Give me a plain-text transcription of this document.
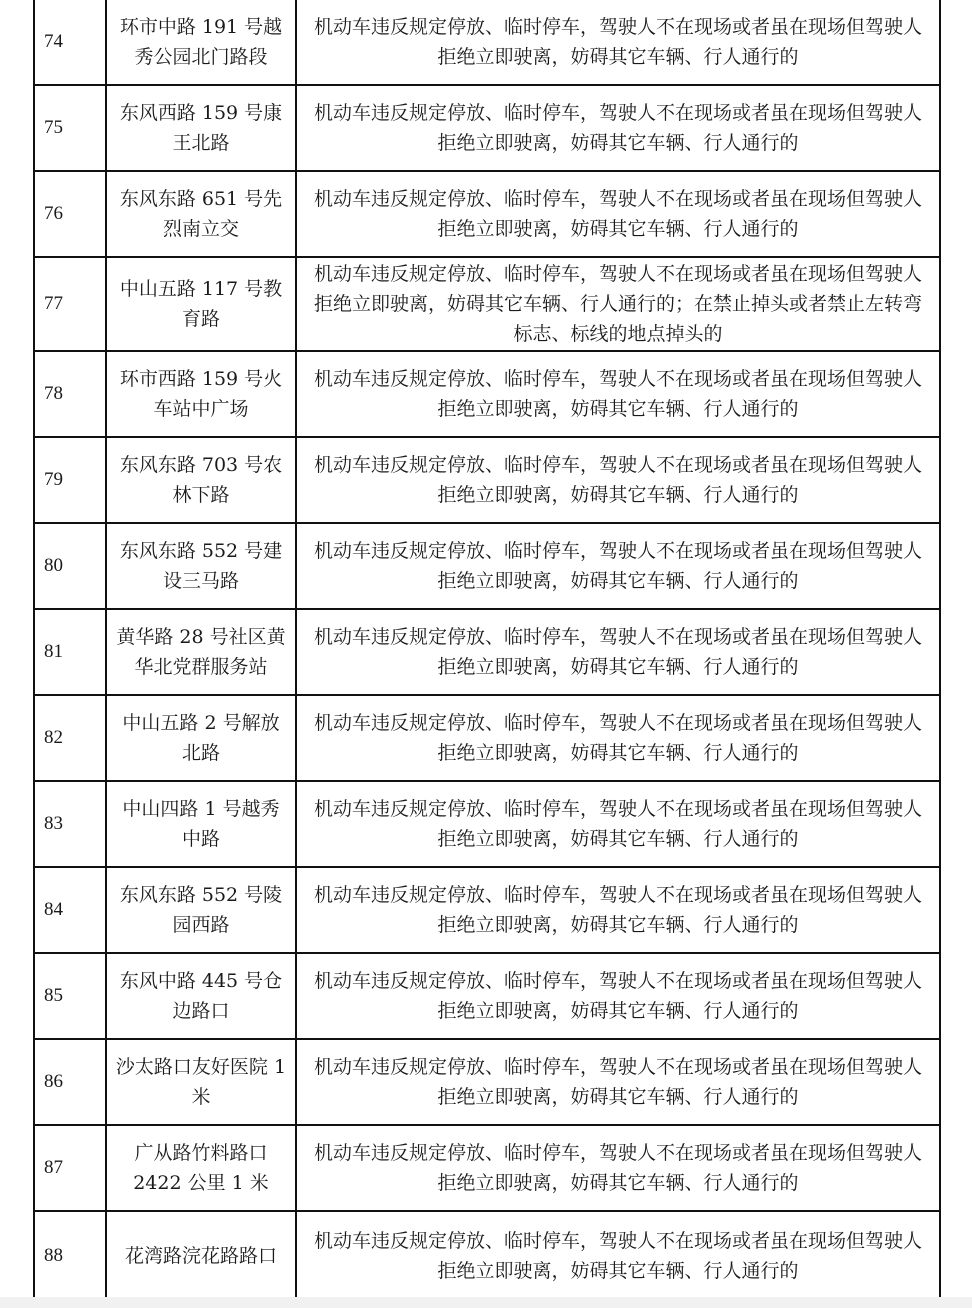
74	环市中路 191 号越秀公园北门路段	机动车违反规定停放、临时停车，驾驶人不在现场或者虽在现场但驾驶人拒绝立即驶离，妨碍其它车辆、行人通行的
75	东风西路 159 号康王北路	机动车违反规定停放、临时停车，驾驶人不在现场或者虽在现场但驾驶人拒绝立即驶离，妨碍其它车辆、行人通行的
76	东风东路 651 号先烈南立交	机动车违反规定停放、临时停车，驾驶人不在现场或者虽在现场但驾驶人拒绝立即驶离，妨碍其它车辆、行人通行的
77	中山五路 117 号教育路	机动车违反规定停放、临时停车，驾驶人不在现场或者虽在现场但驾驶人拒绝立即驶离，妨碍其它车辆、行人通行的；在禁止掉头或者禁止左转弯标志、标线的地点掉头的
78	环市西路 159 号火车站中广场	机动车违反规定停放、临时停车，驾驶人不在现场或者虽在现场但驾驶人拒绝立即驶离，妨碍其它车辆、行人通行的
79	东风东路 703 号农林下路	机动车违反规定停放、临时停车，驾驶人不在现场或者虽在现场但驾驶人拒绝立即驶离，妨碍其它车辆、行人通行的
80	东风东路 552 号建设三马路	机动车违反规定停放、临时停车，驾驶人不在现场或者虽在现场但驾驶人拒绝立即驶离，妨碍其它车辆、行人通行的
81	黄华路 28 号社区黄华北党群服务站	机动车违反规定停放、临时停车，驾驶人不在现场或者虽在现场但驾驶人拒绝立即驶离，妨碍其它车辆、行人通行的
82	中山五路 2 号解放北路	机动车违反规定停放、临时停车，驾驶人不在现场或者虽在现场但驾驶人拒绝立即驶离，妨碍其它车辆、行人通行的
83	中山四路 1 号越秀中路	机动车违反规定停放、临时停车，驾驶人不在现场或者虽在现场但驾驶人拒绝立即驶离，妨碍其它车辆、行人通行的
84	东风东路 552 号陵园西路	机动车违反规定停放、临时停车，驾驶人不在现场或者虽在现场但驾驶人拒绝立即驶离，妨碍其它车辆、行人通行的
85	东风中路 445 号仓边路口	机动车违反规定停放、临时停车，驾驶人不在现场或者虽在现场但驾驶人拒绝立即驶离，妨碍其它车辆、行人通行的
86	沙太路口友好医院 1 米	机动车违反规定停放、临时停车，驾驶人不在现场或者虽在现场但驾驶人拒绝立即驶离，妨碍其它车辆、行人通行的
87	广从路竹料路口 2422 公里 1 米	机动车违反规定停放、临时停车，驾驶人不在现场或者虽在现场但驾驶人拒绝立即驶离，妨碍其它车辆、行人通行的
88	花湾路浣花路路口	机动车违反规定停放、临时停车，驾驶人不在现场或者虽在现场但驾驶人拒绝立即驶离，妨碍其它车辆、行人通行的
